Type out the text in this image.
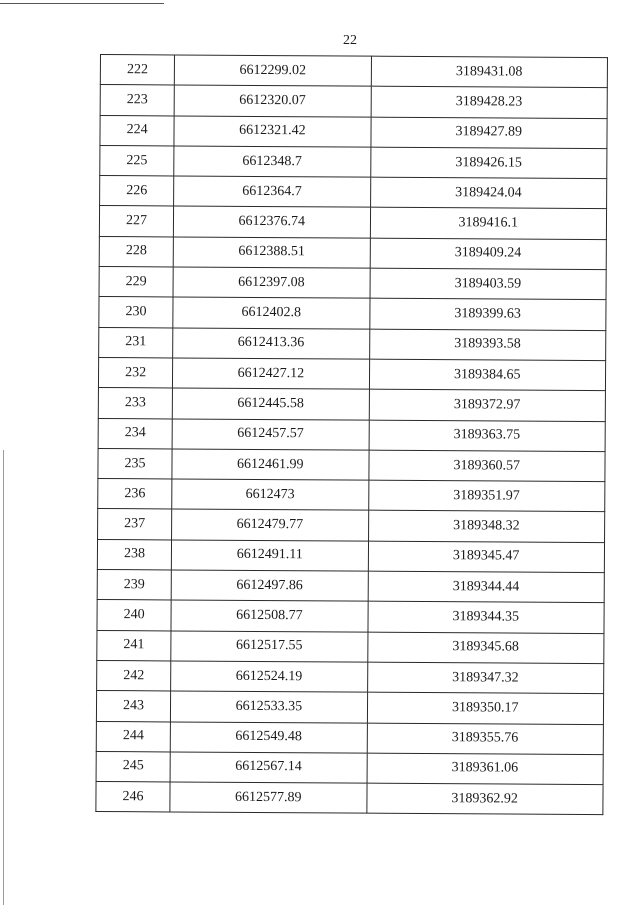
22
222	6612299.02	3189431.08
223	6612320.07	3189428.23
224	6612321.42	3189427.89
225	6612348.7	3189426.15
226	6612364.7	3189424.04
227	6612376.74	3189416.1
228	6612388.51	3189409.24
229	6612397.08	3189403.59
230	6612402.8	3189399.63
231	6612413.36	3189393.58
232	6612427.12	3189384.65
233	6612445.58	3189372.97
234	6612457.57	3189363.75
235	6612461.99	3189360.57
236	6612473	3189351.97
237	6612479.77	3189348.32
238	6612491.11	3189345.47
239	6612497.86	3189344.44
240	6612508.77	3189344.35
241	6612517.55	3189345.68
242	6612524.19	3189347.32
243	6612533.35	3189350.17
244	6612549.48	3189355.76
245	6612567.14	3189361.06
246	6612577.89	3189362.92
